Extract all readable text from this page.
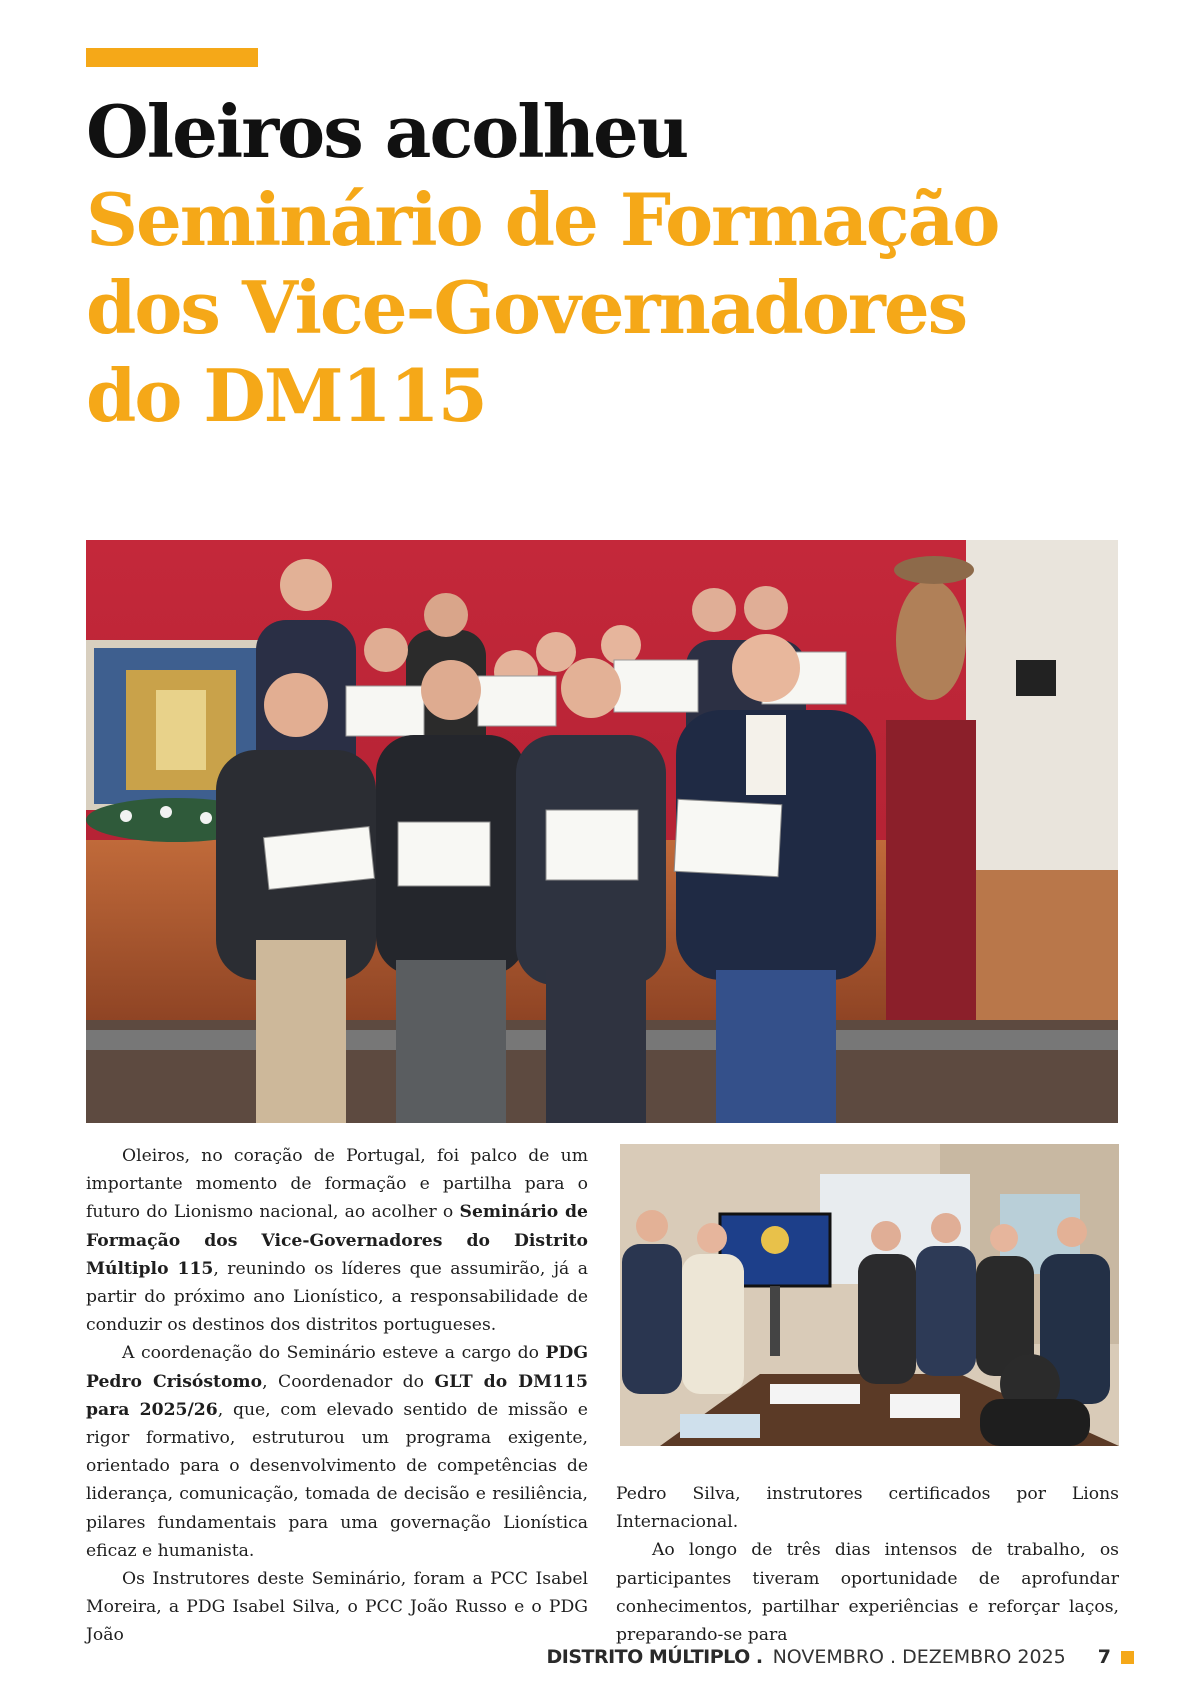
Oleiros acolheu
Seminário de Formação
dos Vice-Governadores
do DM115

Oleiros, no coração de Portugal, foi palco de um importante momento de formação e partilha para o futuro do Lionismo nacional, ao acolher o Seminário de Formação dos Vice-Governadores do Distrito Múltiplo 115, reunindo os líderes que assumirão, já a partir do próximo ano Lionístico, a responsabilidade de conduzir os destinos dos distritos portugueses.

A coordenação do Seminário esteve a cargo do PDG Pedro Crisóstomo, Coordenador do GLT do DM115 para 2025/26, que, com elevado sentido de missão e rigor formativo, estruturou um programa exigente, orientado para o desenvolvimento de competências de liderança, comunicação, tomada de decisão e resiliência, pilares fundamentais para uma governação Lionística eficaz e humanista.

Os Instrutores deste Seminário, foram a PCC Isabel Moreira, a PDG Isabel Silva, o PCC João Russo e o PDG João

Pedro Silva, instrutores certificados por Lions Internacional.

Ao longo de três dias intensos de trabalho, os participantes tiveram oportunidade de aprofundar conhecimentos, partilhar experiências e reforçar laços, preparando-se para

DISTRITO MÚLTIPLO . NOVEMBRO . DEZEMBRO 2025 7
